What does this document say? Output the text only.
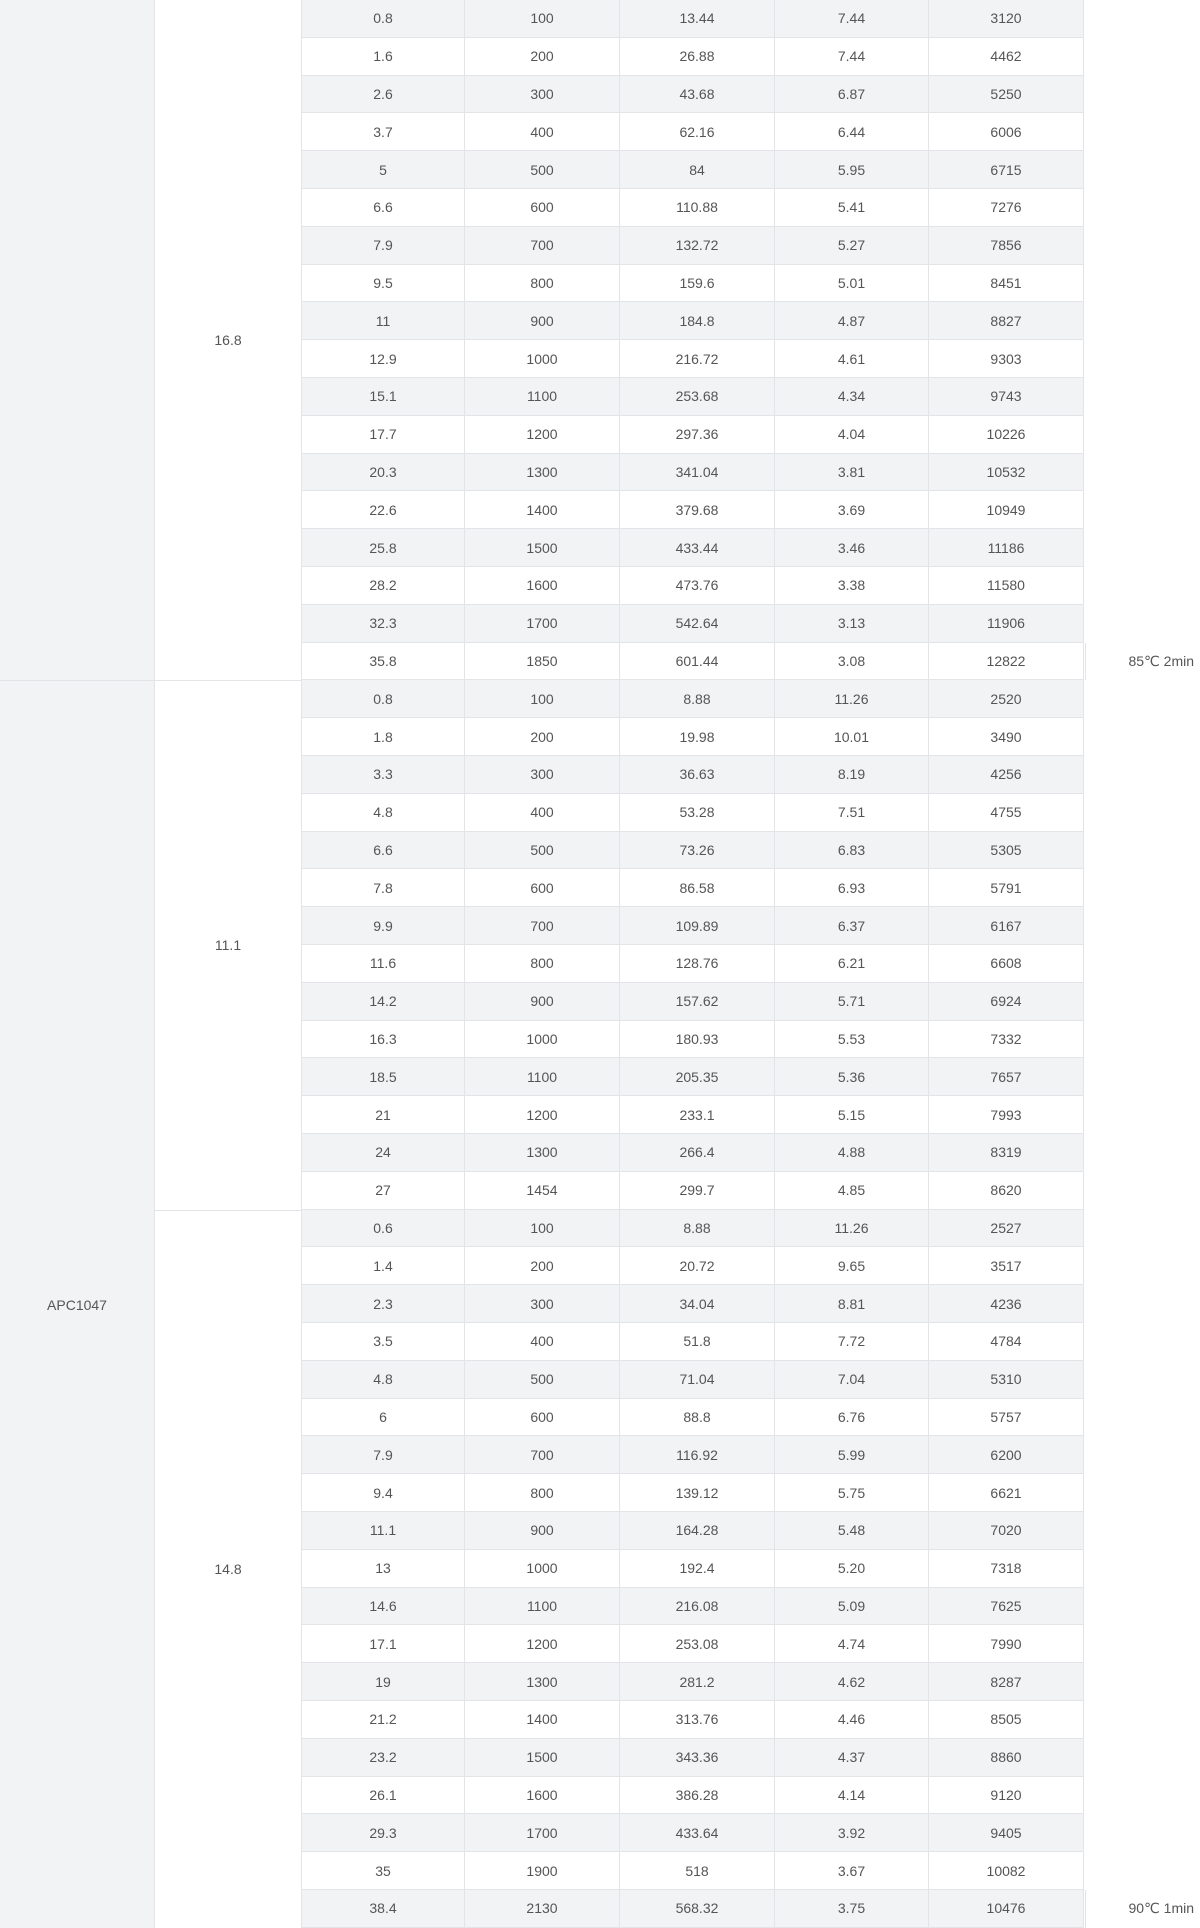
16.8
0.8	100	13.44	7.44	3120
1.6	200	26.88	7.44	4462
2.6	300	43.68	6.87	5250
3.7	400	62.16	6.44	6006
5	500	84	5.95	6715
6.6	600	110.88	5.41	7276
7.9	700	132.72	5.27	7856
9.5	800	159.6	5.01	8451
11	900	184.8	4.87	8827
12.9	1000	216.72	4.61	9303
15.1	1100	253.68	4.34	9743
17.7	1200	297.36	4.04	10226
20.3	1300	341.04	3.81	10532
22.6	1400	379.68	3.69	10949
25.8	1500	433.44	3.46	11186
28.2	1600	473.76	3.38	11580
32.3	1700	542.64	3.13	11906
35.8	1850	601.44	3.08	12822	85℃ 2min
APC1047
11.1
0.8	100	8.88	11.26	2520
1.8	200	19.98	10.01	3490
3.3	300	36.63	8.19	4256
4.8	400	53.28	7.51	4755
6.6	500	73.26	6.83	5305
7.8	600	86.58	6.93	5791
9.9	700	109.89	6.37	6167
11.6	800	128.76	6.21	6608
14.2	900	157.62	5.71	6924
16.3	1000	180.93	5.53	7332
18.5	1100	205.35	5.36	7657
21	1200	233.1	5.15	7993
24	1300	266.4	4.88	8319
27	1454	299.7	4.85	8620
14.8
0.6	100	8.88	11.26	2527
1.4	200	20.72	9.65	3517
2.3	300	34.04	8.81	4236
3.5	400	51.8	7.72	4784
4.8	500	71.04	7.04	5310
6	600	88.8	6.76	5757
7.9	700	116.92	5.99	6200
9.4	800	139.12	5.75	6621
11.1	900	164.28	5.48	7020
13	1000	192.4	5.20	7318
14.6	1100	216.08	5.09	7625
17.1	1200	253.08	4.74	7990
19	1300	281.2	4.62	8287
21.2	1400	313.76	4.46	8505
23.2	1500	343.36	4.37	8860
26.1	1600	386.28	4.14	9120
29.3	1700	433.64	3.92	9405
35	1900	518	3.67	10082
38.4	2130	568.32	3.75	10476	90℃ 1min
